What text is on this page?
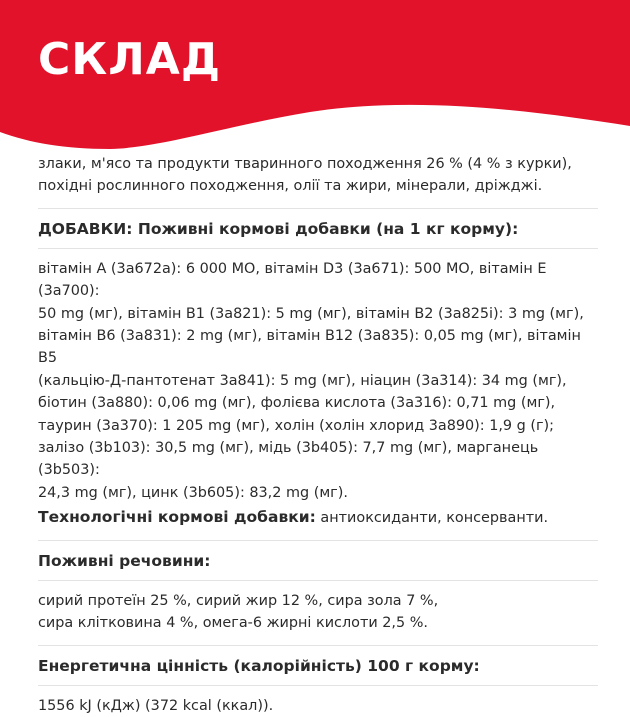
СКЛАД

злаки, м'ясо та продукти тваринного походження 26 % (4 % з курки),

похідні рослинного походження, олії та жири, мінерали, дріжджі.

ДОБАВКИ: Поживні кормові добавки (на 1 кг корму):

вітамін А (3а672а): 6 000 МО, вітамін D3 (3а671): 500 МО, вітамін Е (3а700):

50 mg (мг), вітамін В1 (3а821): 5 mg (мг), вітамін В2 (3а825і): 3 mg (мг),

вітамін В6 (3а831): 2 mg (мг), вітамін В12 (3а835): 0,05 mg (мг), вітамін В5

(кальцію-Д-пантотенат 3а841): 5 mg (мг), ніацин (3а314): 34 mg (мг),

біотин (3а880): 0,06 mg (мг), фолієва кислота (3а316): 0,71 mg (мг),

таурин (3а370): 1 205 mg (мг), холін (холін хлорид 3а890): 1,9 g (г);

залізо (3b103): 30,5 mg (мг), мідь (3b405): 7,7 mg (мг), марганець (3b503):

24,3 mg (мг), цинк (3b605): 83,2 mg (мг).

Технологічні кормові добавки: антиоксиданти, консерванти.

Поживні речовини:

сирий протеїн 25 %, сирий жир 12 %, сира зола 7 %,

сира клітковина 4 %, омега-6 жирні кислоти 2,5 %.

Енергетична цінність (калорійність) 100 г корму:

1556 kJ (кДж) (372 kcal (ккал)).
